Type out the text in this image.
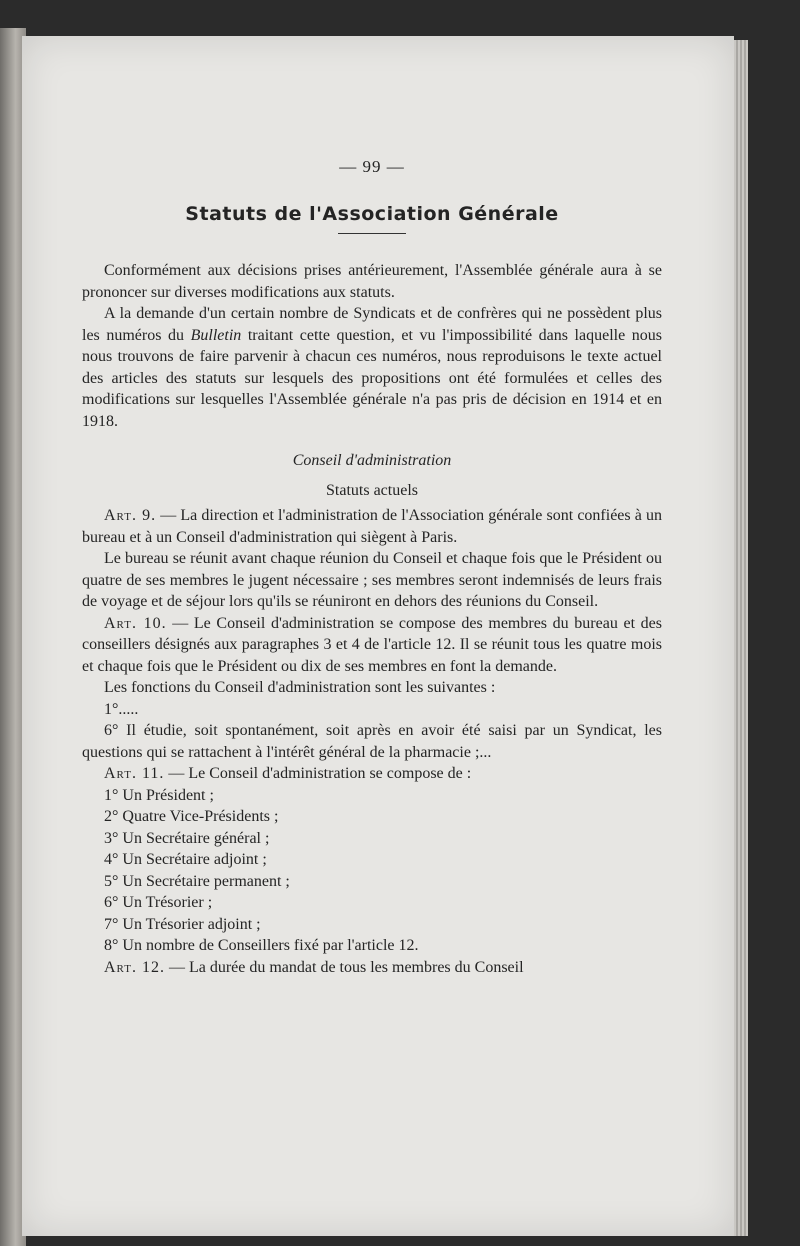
— 99 —
Statuts de l'Association Générale

Conformément aux décisions prises antérieurement, l'Assemblée générale aura à se prononcer sur diverses modifications aux statuts.

A la demande d'un certain nombre de Syndicats et de confrères qui ne possèdent plus les numéros du Bulletin traitant cette question, et vu l'impossibilité dans laquelle nous nous trouvons de faire parvenir à chacun ces numéros, nous reproduisons le texte actuel des articles des statuts sur lesquels des propositions ont été formulées et celles des modifications sur lesquelles l'Assemblée générale n'a pas pris de décision en 1914 et en 1918.

Conseil d'administration
Statuts actuels

Art. 9. — La direction et l'administration de l'Association générale sont confiées à un bureau et à un Conseil d'administration qui siègent à Paris.

Le bureau se réunit avant chaque réunion du Conseil et chaque fois que le Président ou quatre de ses membres le jugent nécessaire ; ses membres seront indemnisés de leurs frais de voyage et de séjour lors qu'ils se réuniront en dehors des réunions du Conseil.

Art. 10. — Le Conseil d'administration se compose des membres du bureau et des conseillers désignés aux paragraphes 3 et 4 de l'article 12. Il se réunit tous les quatre mois et chaque fois que le Président ou dix de ses membres en font la demande.

Les fonctions du Conseil d'administration sont les suivantes :

1°.....

6° Il étudie, soit spontanément, soit après en avoir été saisi par un Syndicat, les questions qui se rattachent à l'intérêt général de la pharmacie ;...

Art. 11. — Le Conseil d'administration se compose de :

1° Un Président ;

2° Quatre Vice-Présidents ;

3° Un Secrétaire général ;

4° Un Secrétaire adjoint ;

5° Un Secrétaire permanent ;

6° Un Trésorier ;

7° Un Trésorier adjoint ;

8° Un nombre de Conseillers fixé par l'article 12.

Art. 12. — La durée du mandat de tous les membres du Conseil
